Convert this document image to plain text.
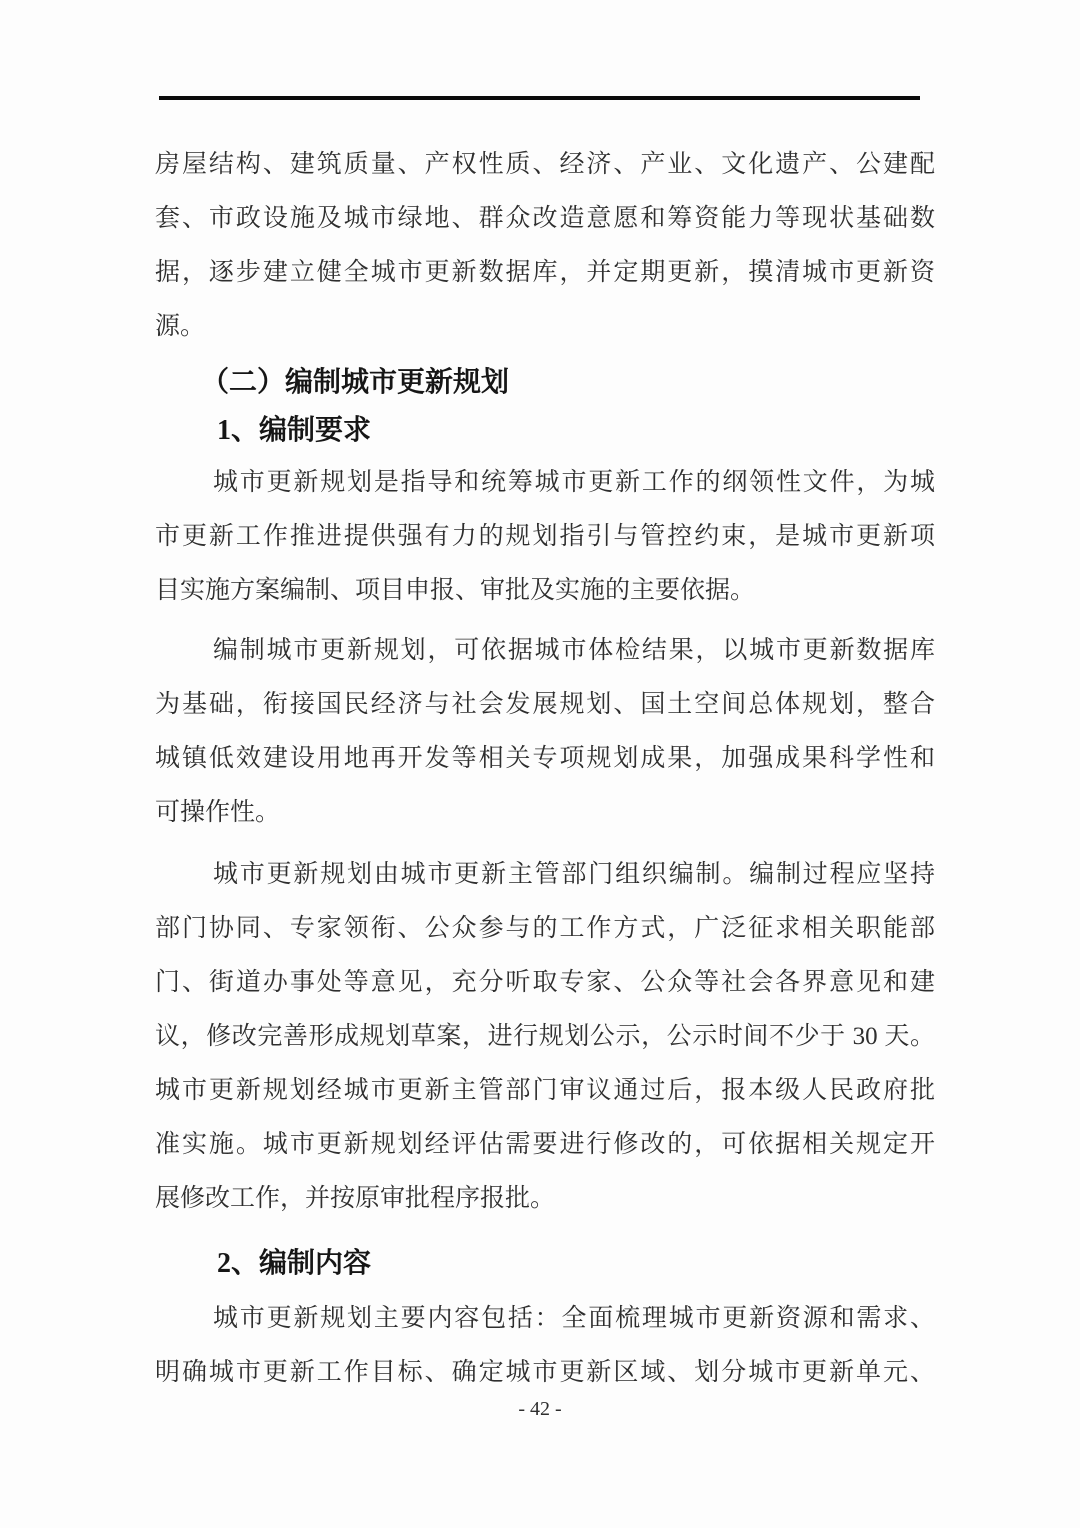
房屋结构、建筑质量、产权性质、经济、产业、文化遗产、公建配
套、市政设施及城市绿地、群众改造意愿和筹资能力等现状基础数
据，逐步建立健全城市更新数据库，并定期更新，摸清城市更新资
源。
（二）编制城市更新规划
1、编制要求
城市更新规划是指导和统筹城市更新工作的纲领性文件，为城
市更新工作推进提供强有力的规划指引与管控约束，是城市更新项
目实施方案编制、项目申报、审批及实施的主要依据。
编制城市更新规划，可依据城市体检结果，以城市更新数据库
为基础，衔接国民经济与社会发展规划、国土空间总体规划，整合
城镇低效建设用地再开发等相关专项规划成果，加强成果科学性和
可操作性。
城市更新规划由城市更新主管部门组织编制。编制过程应坚持
部门协同、专家领衔、公众参与的工作方式，广泛征求相关职能部
门、街道办事处等意见，充分听取专家、公众等社会各界意见和建
议，修改完善形成规划草案，进行规划公示，公示时间不少于 30 天。
城市更新规划经城市更新主管部门审议通过后，报本级人民政府批
准实施。城市更新规划经评估需要进行修改的，可依据相关规定开
展修改工作，并按原审批程序报批。
2、编制内容
城市更新规划主要内容包括：全面梳理城市更新资源和需求、
明确城市更新工作目标、确定城市更新区域、划分城市更新单元、
- 42 -
